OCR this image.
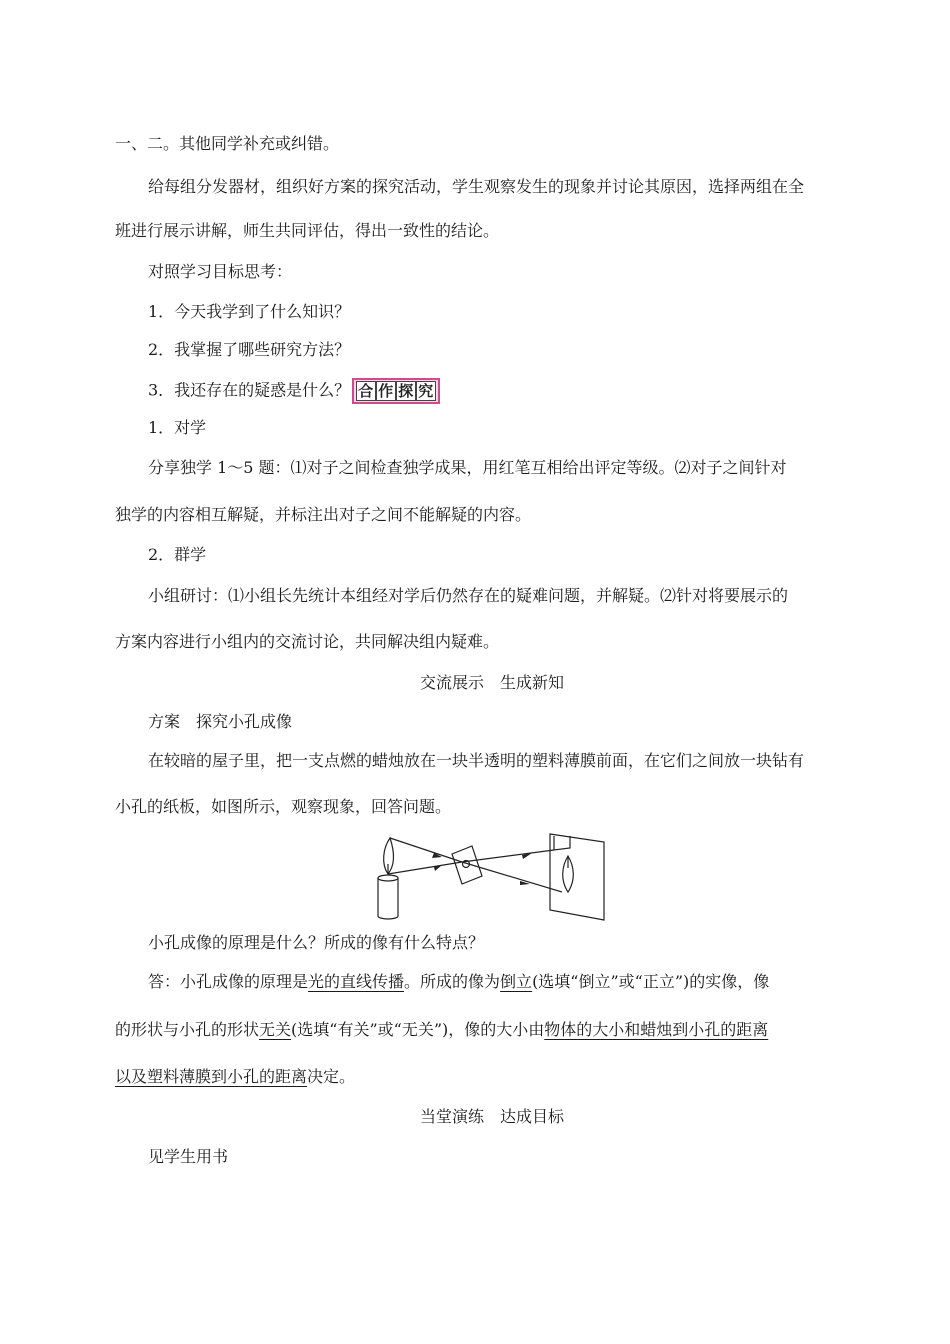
一、二。其他同学补充或纠错。
给每组分发器材，组织好方案的探究活动，学生观察发生的现象并讨论其原因，选择两组在全
班进行展示讲解，师生共同评估，得出一致性的结论。
对照学习目标思考：
1．今天我学到了什么知识？
2．我掌握了哪些研究方法？
3．我还存在的疑惑是什么？ 合 作 探 究
1．对学
分享独学 1～5 题：⑴对子之间检查独学成果，用红笔互相给出评定等级。⑵对子之间针对
独学的内容相互解疑，并标注出对子之间不能解疑的内容。
2．群学
小组研讨：⑴小组长先统计本组经对学后仍然存在的疑难问题，并解疑。⑵针对将要展示的
方案内容进行小组内的交流讨论，共同解决组内疑难。
交流展示　生成新知
方案　探究小孔成像
在较暗的屋子里，把一支点燃的蜡烛放在一块半透明的塑料薄膜前面，在它们之间放一块钻有
小孔的纸板，如图所示，观察现象，回答问题。
小孔成像的原理是什么？所成的像有什么特点？
答：小孔成像的原理是光的直线传播。所成的像为倒立(选填“倒立”或“正立”)的实像，像
的形状与小孔的形状无关(选填“有关”或“无关”)，像的大小由物体的大小和蜡烛到小孔的距离
以及塑料薄膜到小孔的距离决定。
当堂演练　达成目标
见学生用书
